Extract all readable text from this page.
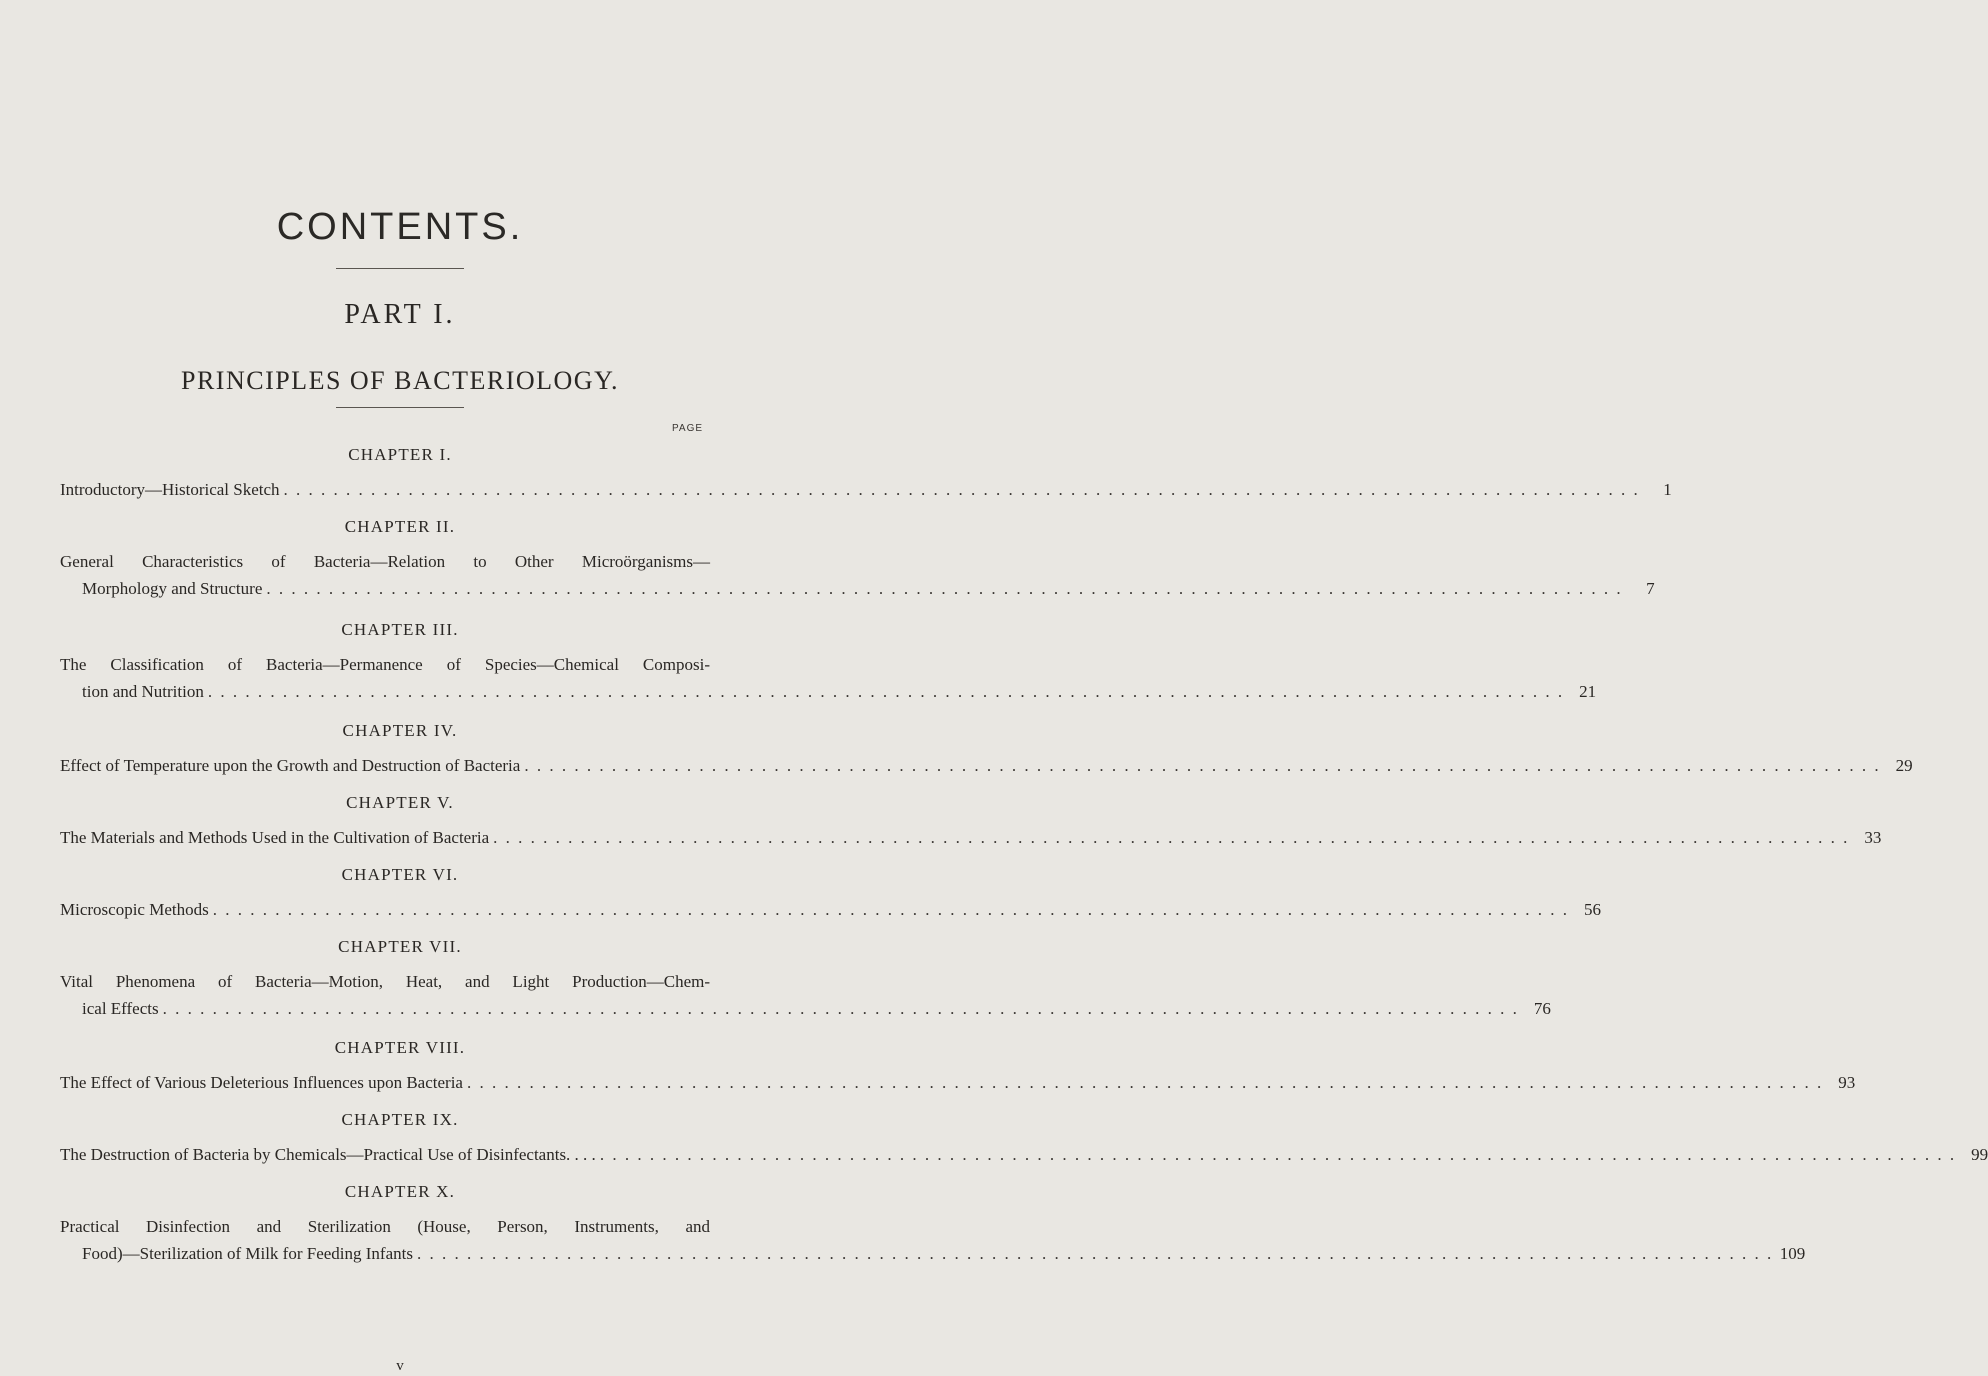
CONTENTS.
PART I.
PRINCIPLES OF BACTERIOLOGY.
PAGE
CHAPTER I.
Introductory—Historical Sketch . . . . . . . . . . . . . . . . . . . . . . . . . . . . . . . . . . . . . . . . . . . . . . . . . . . . . . . . . . . . . . . . . . . . . . . . . . . . . . . . . . . . . . . . . . . . . . . . . . . . . . . . . . . . .	1
CHAPTER II.
General Characteristics of Bacteria—Relation to Other Microörganisms—
Morphology and Structure . . . . . . . . . . . . . . . . . . . . . . . . . . . . . . . . . . . . . . . . . . . . . . . . . . . . . . . . . . . . . . . . . . . . . . . . . . . . . . . . . . . . . . . . . . . . . . . . . . . . . . . . . . . . .	7
CHAPTER III.
The Classification of Bacteria—Permanence of Species—Chemical Composi-
tion and Nutrition . . . . . . . . . . . . . . . . . . . . . . . . . . . . . . . . . . . . . . . . . . . . . . . . . . . . . . . . . . . . . . . . . . . . . . . . . . . . . . . . . . . . . . . . . . . . . . . . . . . . . . . . . . . . . 21
CHAPTER IV.
Effect of Temperature upon the Growth and Destruction of Bacteria . . . . . . . . . . . . . . . . . . . . . . . . . . . . . . . . . . . . . . . . . . . . . . . . . . . . . . . . . . . . . . . . . . . . . . . . . . . . . . . . . . . . . . . . . . . . . . . . . . . . . . . . . . . . . 29
CHAPTER V.
The Materials and Methods Used in the Cultivation of Bacteria . . . . . . . . . . . . . . . . . . . . . . . . . . . . . . . . . . . . . . . . . . . . . . . . . . . . . . . . . . . . . . . . . . . . . . . . . . . . . . . . . . . . . . . . . . . . . . . . . . . . . . . . . . . . . 33
CHAPTER VI.
Microscopic Methods . . . . . . . . . . . . . . . . . . . . . . . . . . . . . . . . . . . . . . . . . . . . . . . . . . . . . . . . . . . . . . . . . . . . . . . . . . . . . . . . . . . . . . . . . . . . . . . . . . . . . . . . . . . . . 56
CHAPTER VII.
Vital Phenomena of Bacteria—Motion, Heat, and Light Production—Chem-
ical Effects . . . . . . . . . . . . . . . . . . . . . . . . . . . . . . . . . . . . . . . . . . . . . . . . . . . . . . . . . . . . . . . . . . . . . . . . . . . . . . . . . . . . . . . . . . . . . . . . . . . . . . . . . . . . . 76
CHAPTER VIII.
The Effect of Various Deleterious Influences upon Bacteria . . . . . . . . . . . . . . . . . . . . . . . . . . . . . . . . . . . . . . . . . . . . . . . . . . . . . . . . . . . . . . . . . . . . . . . . . . . . . . . . . . . . . . . . . . . . . . . . . . . . . . . . . . . . . 93
CHAPTER IX.
The Destruction of Bacteria by Chemicals—Practical Use of Disinfectants. . . . . . . . . . . . . . . . . . . . . . . . . . . . . . . . . . . . . . . . . . . . . . . . . . . . . . . . . . . . . . . . . . . . . . . . . . . . . . . . . . . . . . . . . . . . . . . . . . . . . . . . . . . . . . . . . 99
CHAPTER X.
Practical Disinfection and Sterilization (House, Person, Instruments, and
Food)—Sterilization of Milk for Feeding Infants . . . . . . . . . . . . . . . . . . . . . . . . . . . . . . . . . . . . . . . . . . . . . . . . . . . . . . . . . . . . . . . . . . . . . . . . . . . . . . . . . . . . . . . . . . . . . . . . . . . . . . . . . . . . . 109
v
